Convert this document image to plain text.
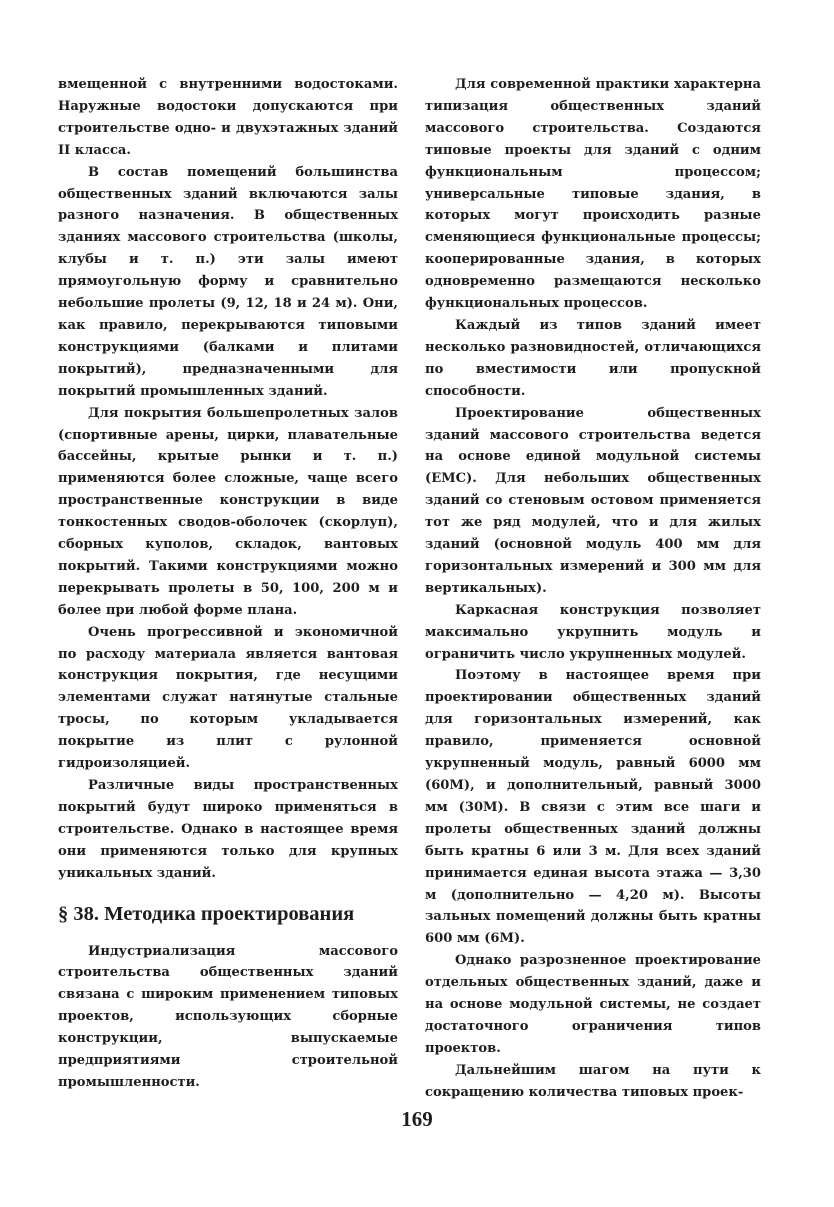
вмещенной с внутренними водостоками. Наружные водостоки допускаются при строительстве одно- и двухэтажных зданий II класса.

В состав помещений большинства общественных зданий включаются залы разного назначения. В общественных зданиях массового строительства (школы, клубы и т. п.) эти залы имеют прямоугольную форму и сравнительно небольшие пролеты (9, 12, 18 и 24 м). Они, как правило, перекрываются типовыми конструкциями (балками и плитами покрытий), предназначенными для покрытий промышленных зданий.

Для покрытия большепролетных залов (спортивные арены, цирки, плавательные бассейны, крытые рынки и т. п.) применяются более сложные, чаще всего пространственные конструкции в виде тонкостенных сводов-оболочек (скорлуп), сборных куполов, складок, вантовых покрытий. Такими конструкциями можно перекрывать пролеты в 50, 100, 200 м и более при любой форме плана.

Очень прогрессивной и экономичной по расходу материала является вантовая конструкция покрытия, где несущими элементами служат натянутые стальные тросы, по которым укладывается покрытие из плит с рулонной гидроизоляцией.

Различные виды пространственных покрытий будут широко применяться в строительстве. Однако в настоящее время они применяются только для крупных уникальных зданий.

§ 38. Методика проектирования

Индустриализация массового строительства общественных зданий связана с широким применением типовых проектов, использующих сборные конструкции, выпускаемые предприятиями строительной промышленности.

Для современной практики характерна типизация общественных зданий массового строительства. Создаются типовые проекты для зданий с одним функциональным процессом; универсальные типовые здания, в которых могут происходить разные сменяющиеся функциональные процессы; кооперированные здания, в которых одновременно размещаются несколько функциональных процессов.

Каждый из типов зданий имеет несколько разновидностей, отличающихся по вместимости или пропускной способности.

Проектирование общественных зданий массового строительства ведется на основе единой модульной системы (ЕМС). Для небольших общественных зданий со стеновым остовом применяется тот же ряд модулей, что и для жилых зданий (основной модуль 400 мм для горизонтальных измерений и 300 мм для вертикальных).

Каркасная конструкция позволяет максимально укрупнить модуль и ограничить число укрупненных модулей.

Поэтому в настоящее время при проектировании общественных зданий для горизонтальных измерений, как правило, применяется основной укрупненный модуль, равный 6000 мм (60М), и дополнительный, равный 3000 мм (30М). В связи с этим все шаги и пролеты общественных зданий должны быть кратны 6 или 3 м. Для всех зданий принимается единая высота этажа — 3,30 м (дополнительно — 4,20 м). Высоты зальных помещений должны быть кратны 600 мм (6М).

Однако разрозненное проектирование отдельных общественных зданий, даже и на основе модульной системы, не создает достаточного ограничения типов проектов.

Дальнейшим шагом на пути к сокращению количества типовых проек-

169
